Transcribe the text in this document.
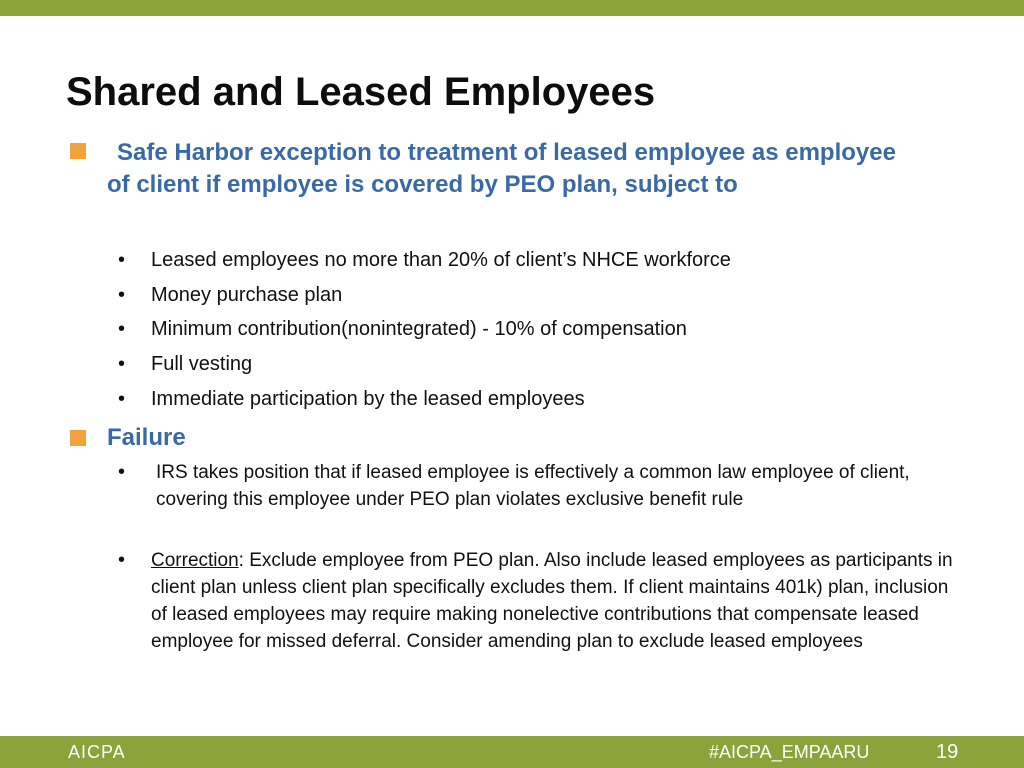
Shared and Leased Employees
Safe Harbor exception to treatment of leased employee as employee of client if employee is covered by PEO plan, subject to
• Leased employees no more than 20% of client’s NHCE workforce
• Money purchase plan
• Minimum contribution(nonintegrated) - 10% of compensation
• Full vesting
• Immediate participation by the leased employees
Failure
• IRS takes position that if leased employee is effectively a common law employee of client, covering this employee under PEO plan violates exclusive benefit rule
• Correction: Exclude employee from PEO plan. Also include leased employees as participants in client plan unless client plan specifically excludes them. If client maintains 401k) plan, inclusion of leased employees may require making nonelective contributions that compensate leased employee for missed deferral. Consider amending plan to exclude leased employees
AICPA	#AICPA_EMPAARU	19
